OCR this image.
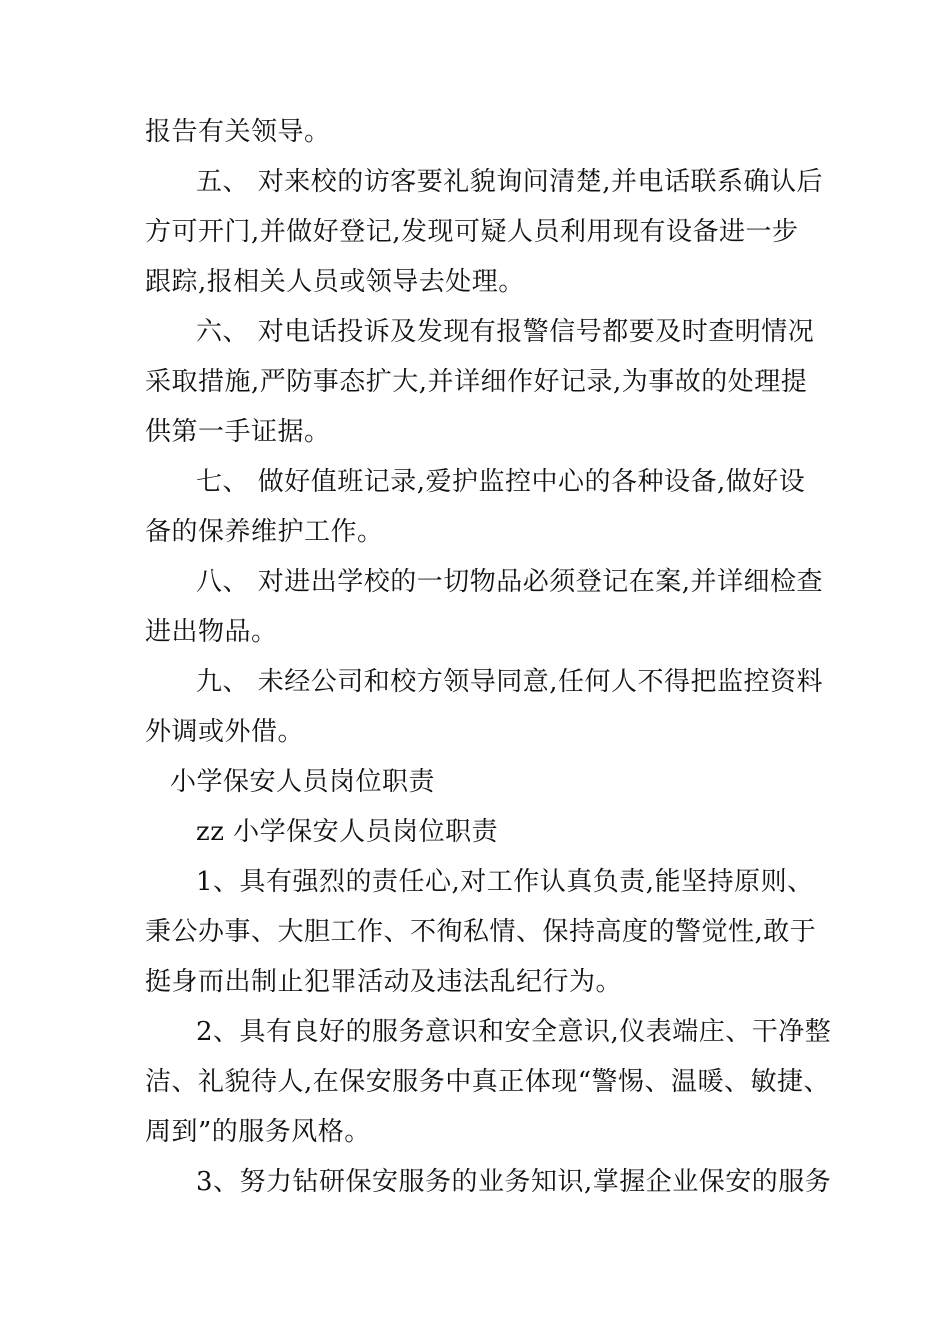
报告有关领导。
五、 对来校的访客要礼貌询问清楚,并电话联系确认后
方可开门,并做好登记,发现可疑人员利用现有设备进一步
跟踪,报相关人员或领导去处理。
六、 对电话投诉及发现有报警信号都要及时查明情况
采取措施,严防事态扩大,并详细作好记录,为事故的处理提
供第一手证据。
七、 做好值班记录,爱护监控中心的各种设备,做好设
备的保养维护工作。
八、 对进出学校的一切物品必须登记在案,并详细检查
进出物品。
九、 未经公司和校方领导同意,任何人不得把监控资料
外调或外借。
小学保安人员岗位职责
zz 小学保安人员岗位职责
1、具有强烈的责任心,对工作认真负责,能坚持原则、
秉公办事、大胆工作、不徇私情、保持高度的警觉性,敢于
挺身而出制止犯罪活动及违法乱纪行为。
2、具有良好的服务意识和安全意识,仪表端庄、干净整
洁、礼貌待人,在保安服务中真正体现“警惕、温暖、敏捷、
周到”的服务风格。
3、努力钻研保安服务的业务知识,掌握企业保安的服务
